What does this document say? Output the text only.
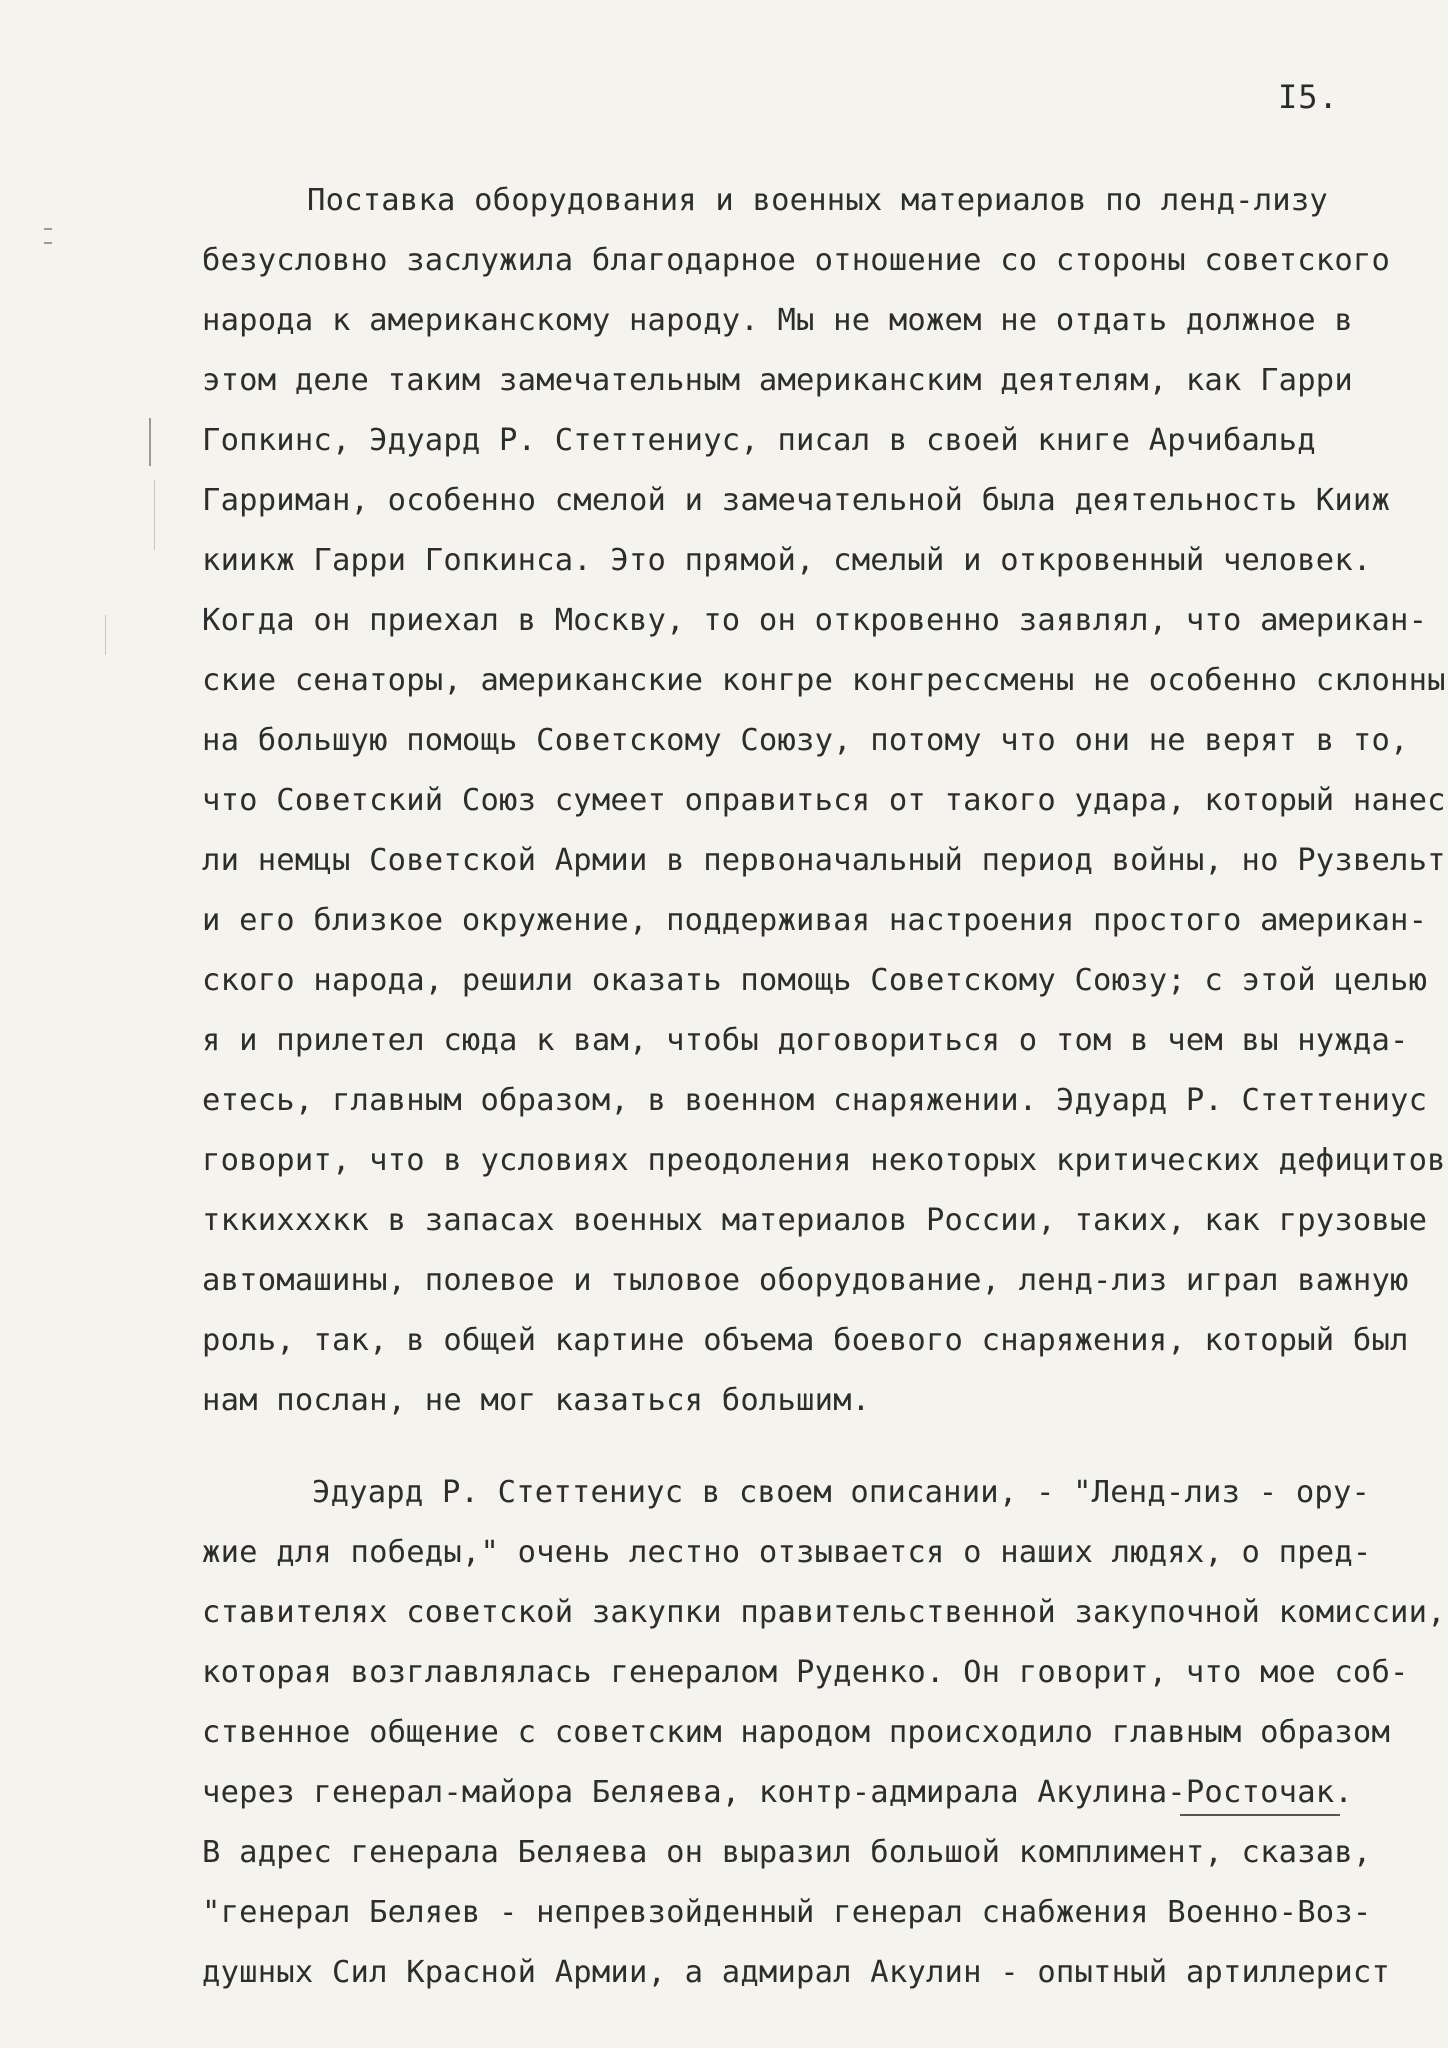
I5.
Поставка оборудования и военных материалов по ленд-лизу
безусловно заслужила благодарное отношение со стороны советского
народа к американскому народу. Мы не можем не отдать должное в
этом деле таким замечательным американским деятелям, как Гарри
Гопкинс, Эдуард Р. Стеттениус, писал в своей книге Арчибальд
Гарриман, особенно смелой и замечательной была деятельность Кииж
киикж Гарри Гопкинса. Это прямой, смелый и откровенный человек.
Когда он приехал в Москву, то он откровенно заявлял, что американ-
ские сенаторы, американские конгре конгрессмены не особенно склонны
на большую помощь Советскому Союзу, потому что они не верят в то,
что Советский Союз сумеет оправиться от такого удара, который нанес
ли немцы Советской Армии в первоначальный период войны, но Рузвельт
и его близкое окружение, поддерживая настроения простого американ-
ского народа, решили оказать помощь Советскому Союзу; с этой целью
я и прилетел сюда к вам, чтобы договориться о том в чем вы нужда-
етесь, главным образом, в военном снаряжении. Эдуард Р. Стеттениус
говорит, что в условиях преодоления некоторых критических дефицитов
тккихххкк в запасах военных материалов России, таких, как грузовые
автомашины, полевое и тыловое оборудование, ленд-лиз играл важную
роль, так, в общей картине объема боевого снаряжения, который был
нам послан, не мог казаться большим.
Эдуард Р. Стеттениус в своем описании, - "Ленд-лиз - ору-
жие для победы," очень лестно отзывается о наших людях, о пред-
ставителях советской закупки правительственной закупочной комиссии,
которая возглавлялась генералом Руденко. Он говорит, что мое соб-
ственное общение с советским народом происходило главным образом
через генерал-майора Беляева, контр-адмирала Акулина-Росточак.
В адрес генерала Беляева он выразил большой комплимент, сказав,
"генерал Беляев - непревзойденный генерал снабжения Военно-Воз-
душных Сил Красной Армии, а адмирал Акулин - опытный артиллерист
